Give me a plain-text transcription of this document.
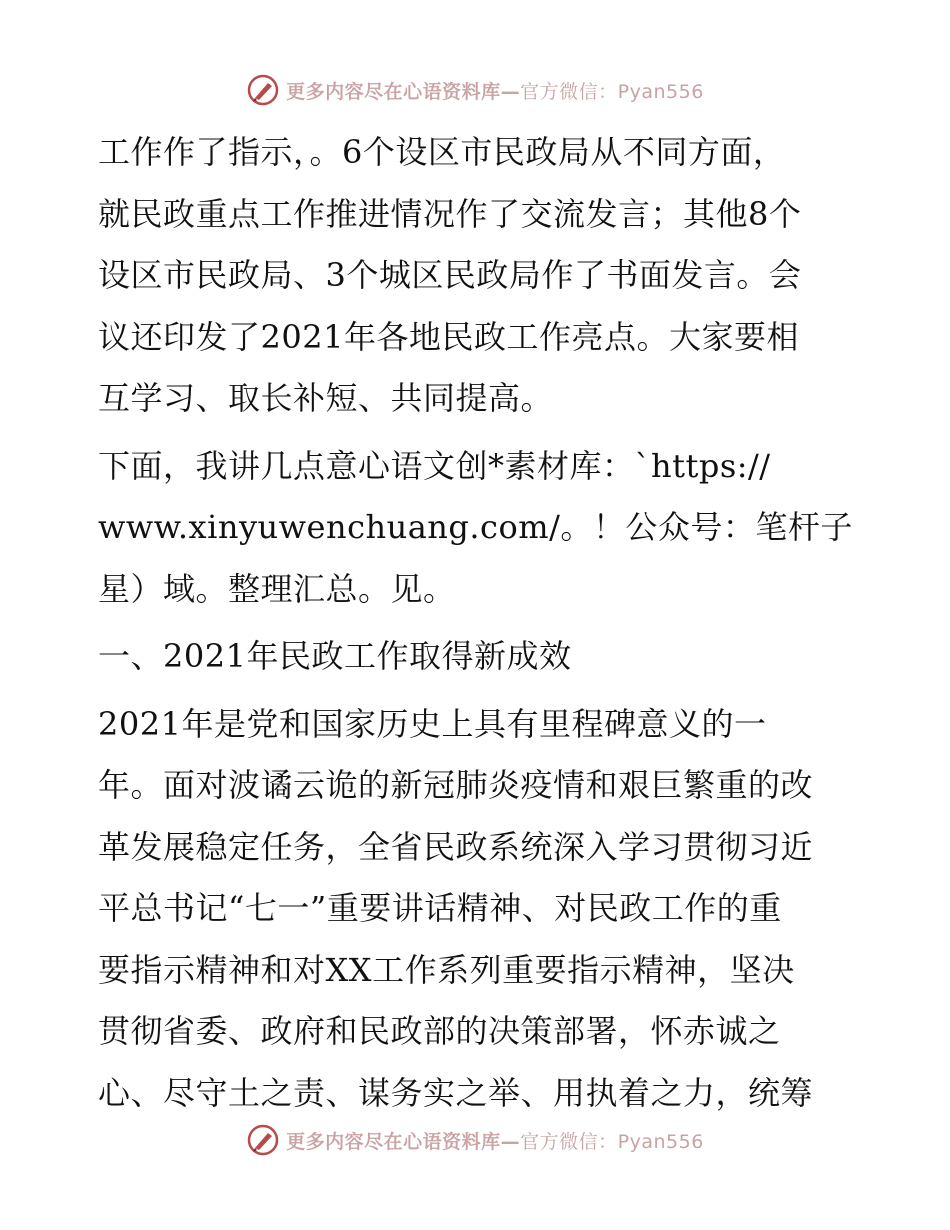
更多内容尽在心语资料库—官方微信：Pyan556
工作作了指示，。6个设区市民政局从不同方面，
就民政重点工作推进情况作了交流发言；其他8个
设区市民政局、3个城区民政局作了书面发言。会
议还印发了2021年各地民政工作亮点。大家要相
互学习、取长补短、共同提高。
下面，我讲几点意心语文创*素材库：`https://
www.xinyuwenchuang.com/。！公众号：笔杆子
星）域。整理汇总。见。
一、2021年民政工作取得新成效
2021年是党和国家历史上具有里程碑意义的一
年。面对波谲云诡的新冠肺炎疫情和艰巨繁重的改
革发展稳定任务，全省民政系统深入学习贯彻习近
平总书记“七一”重要讲话精神、对民政工作的重
要指示精神和对XX工作系列重要指示精神，坚决
贯彻省委、政府和民政部的决策部署，怀赤诚之
心、尽守土之责、谋务实之举、用执着之力，统筹
更多内容尽在心语资料库—官方微信：Pyan556
